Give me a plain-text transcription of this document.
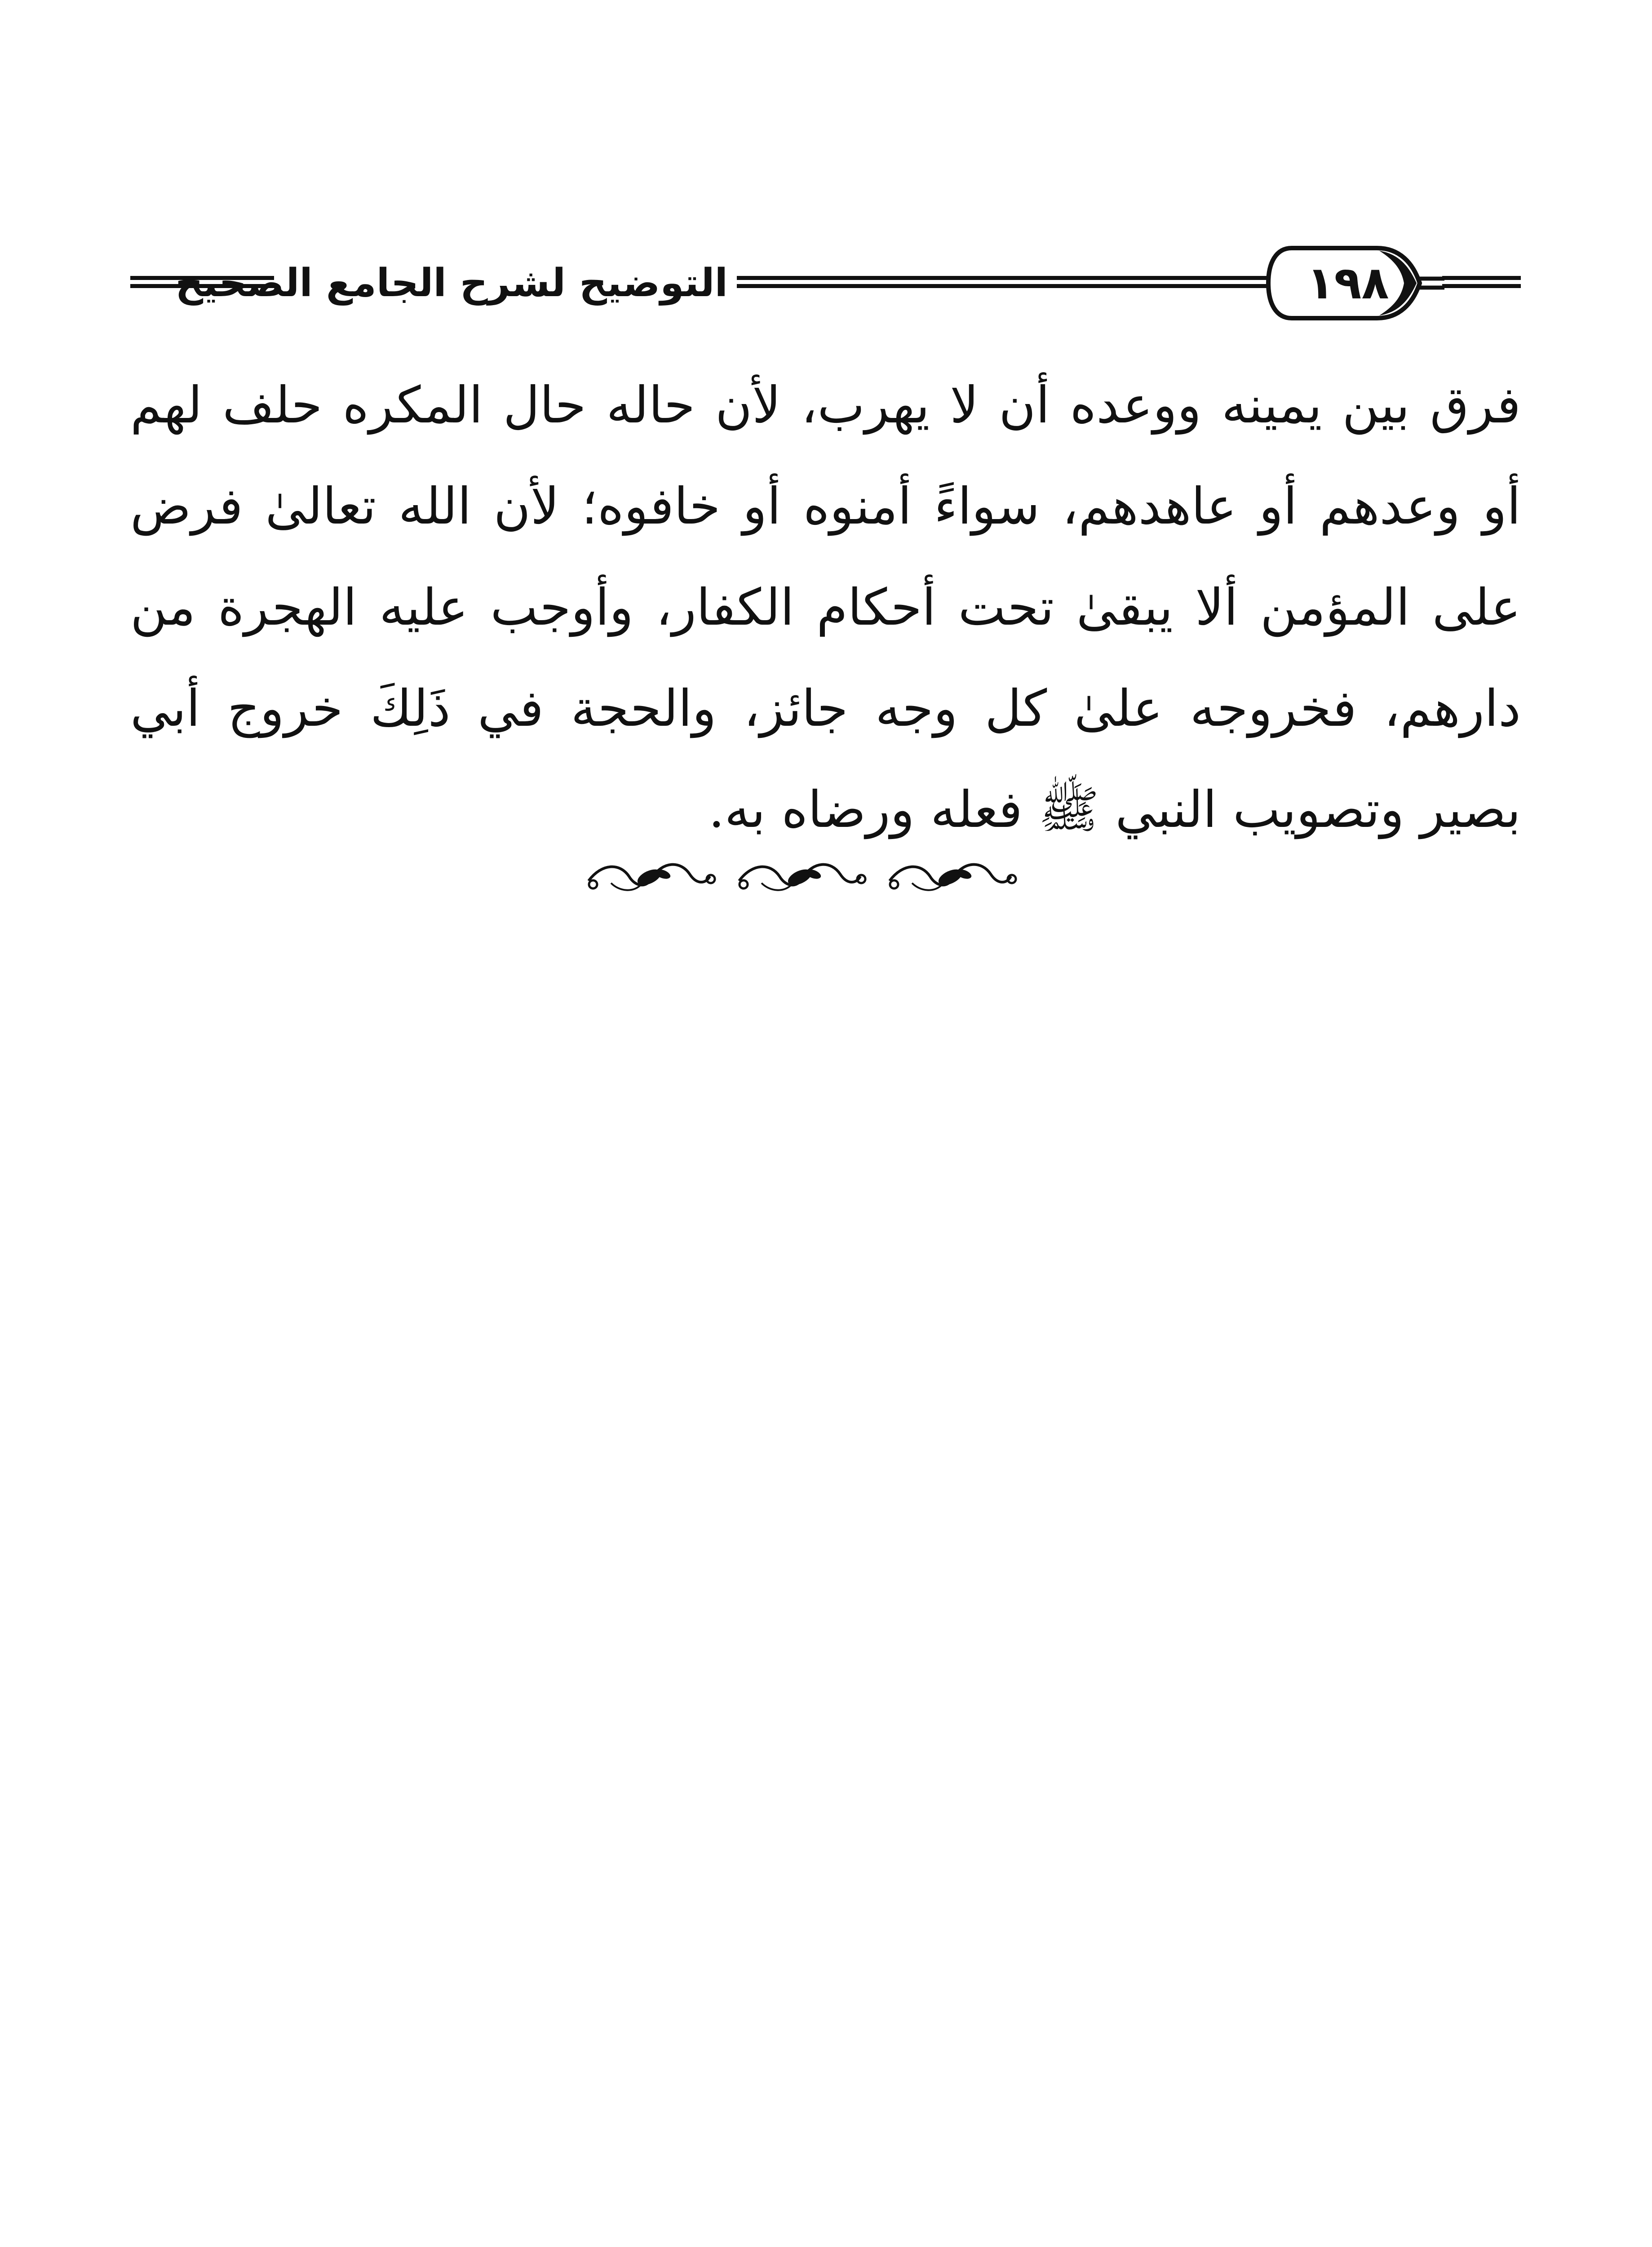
التوضيح لشرح الجامع الصحيح	١٩٨
فرق بين يمينه ووعده أن لا يهرب، لأن حاله حال المكره حلف لهم
أو وعدهم أو عاهدهم، سواءً أمنوه أو خافوه؛ لأن الله تعالىٰ فرض
على المؤمن ألا يبقىٰ تحت أحكام الكفار، وأوجب عليه الهجرة من
دارهم، فخروجه علىٰ كل وجه جائز، والحجة في ذَلِكَ خروج أبي
بصير وتصويب النبي ﷺ فعله ورضاه به.
